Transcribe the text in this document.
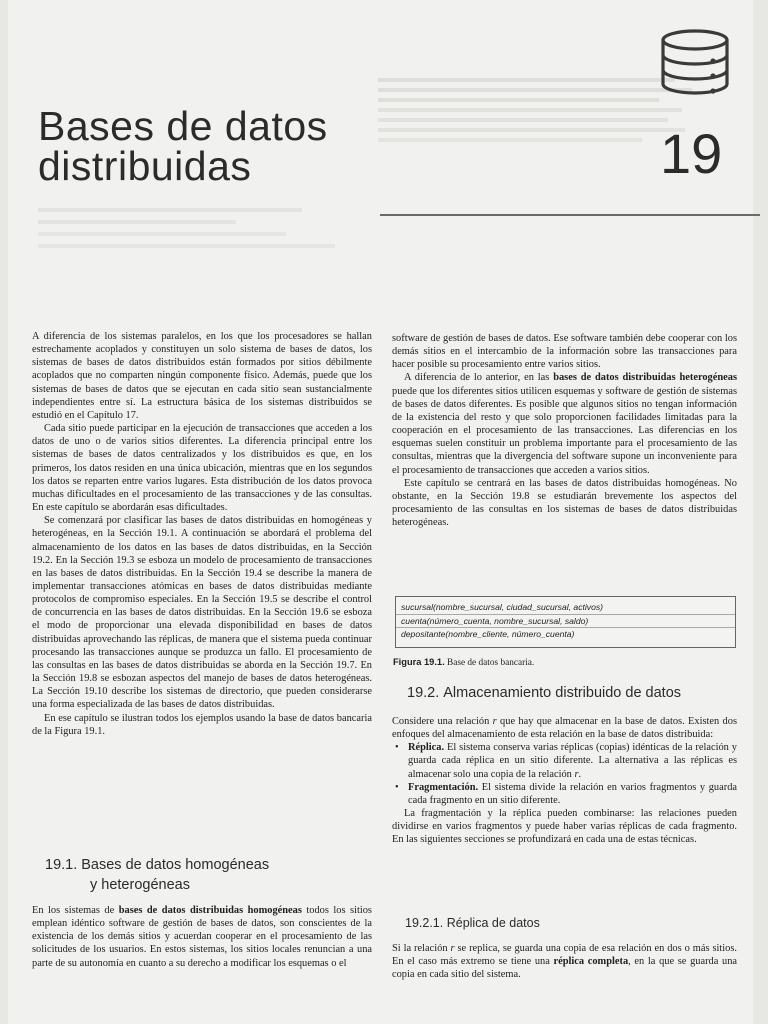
Bases de datos
distribuidas	19

A diferencia de los sistemas paralelos, en los que los procesadores se hallan estrechamente acoplados y constituyen un solo sistema de bases de datos, los sistemas de bases de datos distribuidos están formados por sitios débilmente acoplados que no comparten ningún componente físico. Además, puede que los sistemas de bases de datos que se ejecutan en cada sitio sean sustancialmente independientes entre sí. La estructura básica de los sistemas distribuidos se estudió en el Capítulo 17.

Cada sitio puede participar en la ejecución de transacciones que acceden a los datos de uno o de varios sitios diferentes. La diferencia principal entre los sistemas de bases de datos centralizados y los distribuidos es que, en los primeros, los datos residen en una única ubicación, mientras que en los segundos los datos se reparten entre varios lugares. Esta distribución de los datos provoca muchas dificultades en el procesamiento de las transacciones y de las consultas. En este capítulo se abordarán esas dificultades.

Se comenzará por clasificar las bases de datos distribuidas en homogéneas y heterogéneas, en la Sección 19.1. A continuación se abordará el problema del almacenamiento de los datos en las bases de datos distribuidas, en la Sección 19.2. En la Sección 19.3 se esboza un modelo de procesamiento de transacciones en las bases de datos distribuidas. En la Sección 19.4 se describe la manera de implementar transacciones atómicas en bases de datos distribuidas mediante protocolos de compromiso especiales. En la Sección 19.5 se describe el control de concurrencia en las bases de datos distribuidas. En la Sección 19.6 se esboza el modo de proporcionar una elevada disponibilidad en bases de datos distribuidas aprovechando las réplicas, de manera que el sistema pueda continuar procesando las transacciones aunque se produzca un fallo. El procesamiento de las consultas en las bases de datos distribuidas se aborda en la Sección 19.7. En la Sección 19.8 se esbozan aspectos del manejo de bases de datos heterogéneas. La Sección 19.10 describe los sistemas de directorio, que pueden considerarse una forma especializada de las bases de datos distribuidas.

En ese capítulo se ilustran todos los ejemplos usando la base de datos bancaria de la Figura 19.1.

19.1. Bases de datos homogéneas
y heterogéneas

En los sistemas de bases de datos distribuidas homogéneas todos los sitios emplean idéntico software de gestión de bases de datos, son conscientes de la existencia de los demás sitios y acuerdan cooperar en el procesamiento de las solicitudes de los usuarios. En estos sistemas, los sitios locales renuncian a una parte de su autonomía en cuanto a su derecho a modificar los esquemas o el

software de gestión de bases de datos. Ese software también debe cooperar con los demás sitios en el intercambio de la información sobre las transacciones para hacer posible su procesamiento entre varios sitios.

A diferencia de lo anterior, en las bases de datos distribuidas heterogéneas puede que los diferentes sitios utilicen esquemas y software de gestión de sistemas de bases de datos diferentes. Es posible que algunos sitios no tengan información de la existencia del resto y que solo proporcionen facilidades limitadas para la cooperación en el procesamiento de las transacciones. Las diferencias en los esquemas suelen constituir un problema importante para el procesamiento de las consultas, mientras que la divergencia del software supone un inconveniente para el procesamiento de transacciones que acceden a varios sitios.

Este capítulo se centrará en las bases de datos distribuidas homogéneas. No obstante, en la Sección 19.8 se estudiarán brevemente los aspectos del procesamiento de las consultas en los sistemas de bases de datos distribuidas heterogéneas.

sucursal(nombre_sucursal, ciudad_sucursal, activos)
cuenta(número_cuenta, nombre_sucursal, saldo)
depositante(nombre_cliente, número_cuenta)
Figura 19.1. Base de datos bancaria.
19.2. Almacenamiento distribuido de datos

Considere una relación r que hay que almacenar en la base de datos. Existen dos enfoques del almacenamiento de esta relación en la base de datos distribuida:

• Réplica. El sistema conserva varias réplicas (copias) idénticas de la relación y guarda cada réplica en un sitio diferente. La alternativa a las réplicas es almacenar solo una copia de la relación r.
• Fragmentación. El sistema divide la relación en varios fragmentos y guarda cada fragmento en un sitio diferente.

La fragmentación y la réplica pueden combinarse: las relaciones pueden dividirse en varios fragmentos y puede haber varias réplicas de cada fragmento. En las siguientes secciones se profundizará en cada una de estas técnicas.

19.2.1. Réplica de datos

Si la relación r se replica, se guarda una copia de esa relación en dos o más sitios. En el caso más extremo se tiene una réplica completa, en la que se guarda una copia en cada sitio del sistema.
